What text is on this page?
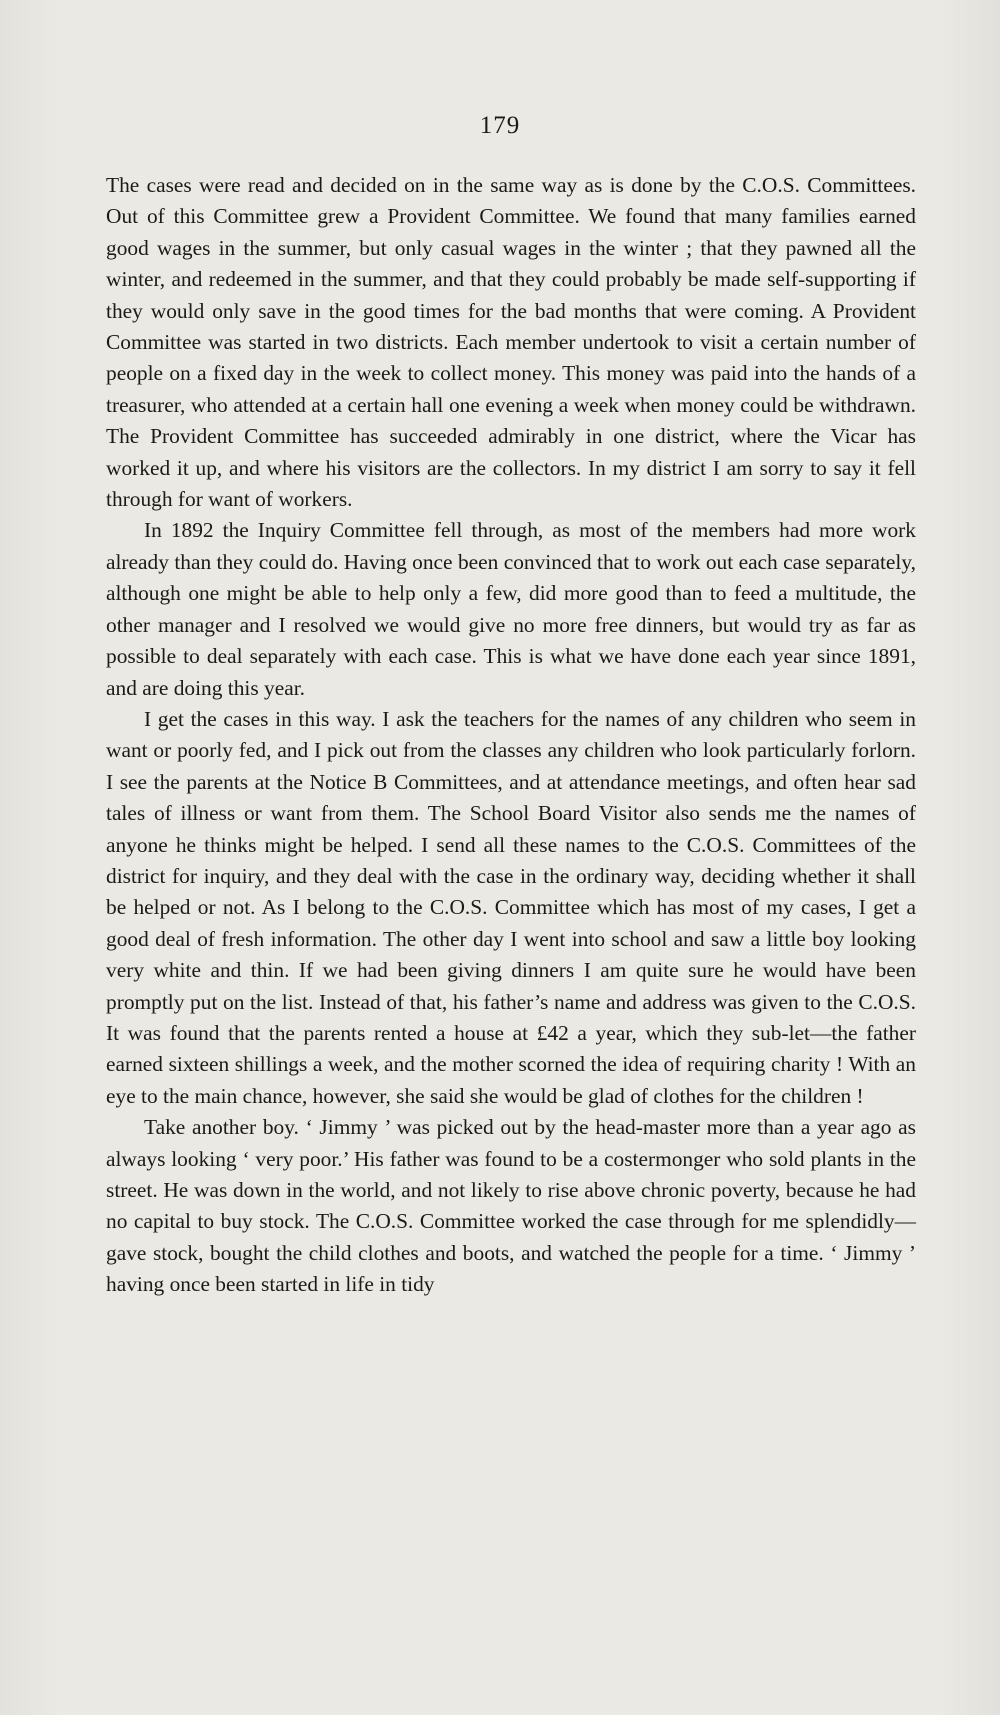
179

The cases were read and decided on in the same way as is done by the C.O.S. Committees. Out of this Committee grew a Provident Committee. We found that many families earned good wages in the summer, but only casual wages in the winter ; that they pawned all the winter, and redeemed in the summer, and that they could probably be made self-supporting if they would only save in the good times for the bad months that were coming. A Provident Committee was started in two districts. Each member undertook to visit a certain number of people on a fixed day in the week to collect money. This money was paid into the hands of a treasurer, who attended at a certain hall one evening a week when money could be withdrawn. The Provident Committee has succeeded admirably in one district, where the Vicar has worked it up, and where his visitors are the collectors. In my district I am sorry to say it fell through for want of workers.

In 1892 the Inquiry Committee fell through, as most of the members had more work already than they could do. Having once been convinced that to work out each case separately, although one might be able to help only a few, did more good than to feed a multitude, the other manager and I resolved we would give no more free dinners, but would try as far as possible to deal separately with each case. This is what we have done each year since 1891, and are doing this year.

I get the cases in this way. I ask the teachers for the names of any children who seem in want or poorly fed, and I pick out from the classes any children who look particularly forlorn. I see the parents at the Notice B Committees, and at attendance meetings, and often hear sad tales of illness or want from them. The School Board Visitor also sends me the names of anyone he thinks might be helped. I send all these names to the C.O.S. Committees of the district for inquiry, and they deal with the case in the ordinary way, deciding whether it shall be helped or not. As I belong to the C.O.S. Committee which has most of my cases, I get a good deal of fresh information. The other day I went into school and saw a little boy looking very white and thin. If we had been giving dinners I am quite sure he would have been promptly put on the list. Instead of that, his father’s name and address was given to the C.O.S. It was found that the parents rented a house at £42 a year, which they sub-let—the father earned sixteen shillings a week, and the mother scorned the idea of requiring charity ! With an eye to the main chance, however, she said she would be glad of clothes for the children !

Take another boy. ‘ Jimmy ’ was picked out by the head-master more than a year ago as always looking ‘ very poor.’ His father was found to be a costermonger who sold plants in the street. He was down in the world, and not likely to rise above chronic poverty, because he had no capital to buy stock. The C.O.S. Committee worked the case through for me splendidly—gave stock, bought the child clothes and boots, and watched the people for a time. ‘ Jimmy ’ having once been started in life in tidy
